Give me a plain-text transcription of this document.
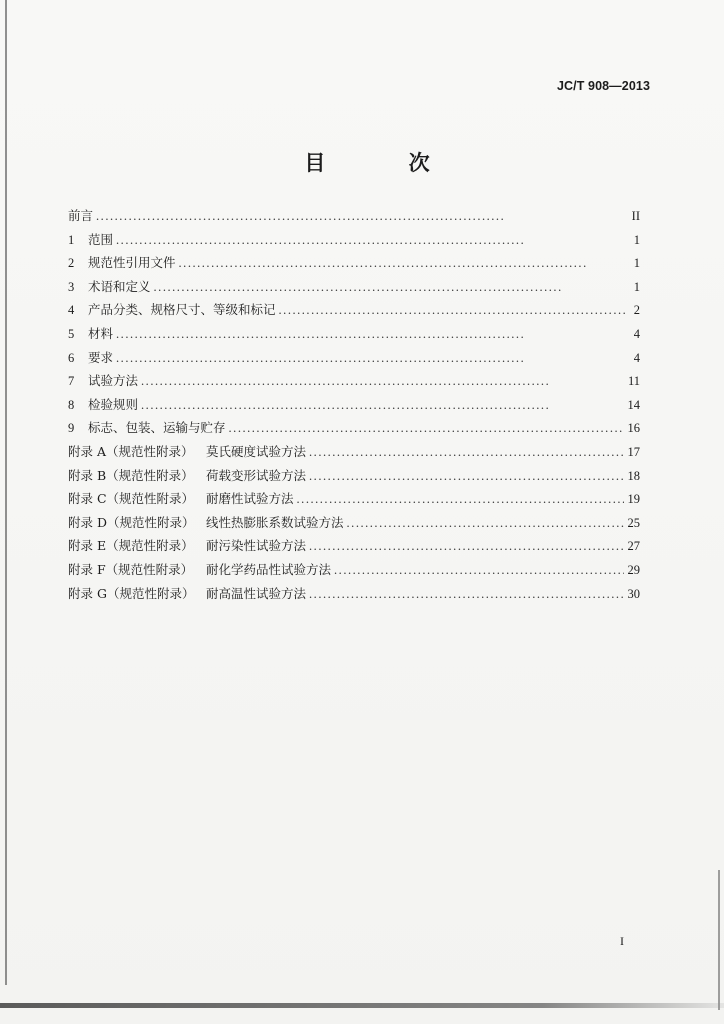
JC/T 908—2013
目 次
前言 . . .	II
1	范围 . . .	1
2	规范性引用文件 . . .	1
3	术语和定义 . . .	1
4	产品分类、规格尺寸、等级和标记 . . .	2
5	材料 . . .	4
6	要求 . . .	4
7	试验方法 . . .	11
8	检验规则 . . .	14
9	标志、包装、运输与贮存 . . .	16
附录 A（规范性附录） 莫氏硬度试验方法 . . .	17
附录 B（规范性附录） 荷载变形试验方法 . . .	18
附录 C（规范性附录） 耐磨性试验方法 . . .	19
附录 D（规范性附录） 线性热膨胀系数试验方法 . . .	25
附录 E（规范性附录） 耐污染性试验方法 . . .	27
附录 F（规范性附录）	耐化学药品性试验方法 . . .	29
附录 G（规范性附录） 耐高温性试验方法 . . .	30
I
